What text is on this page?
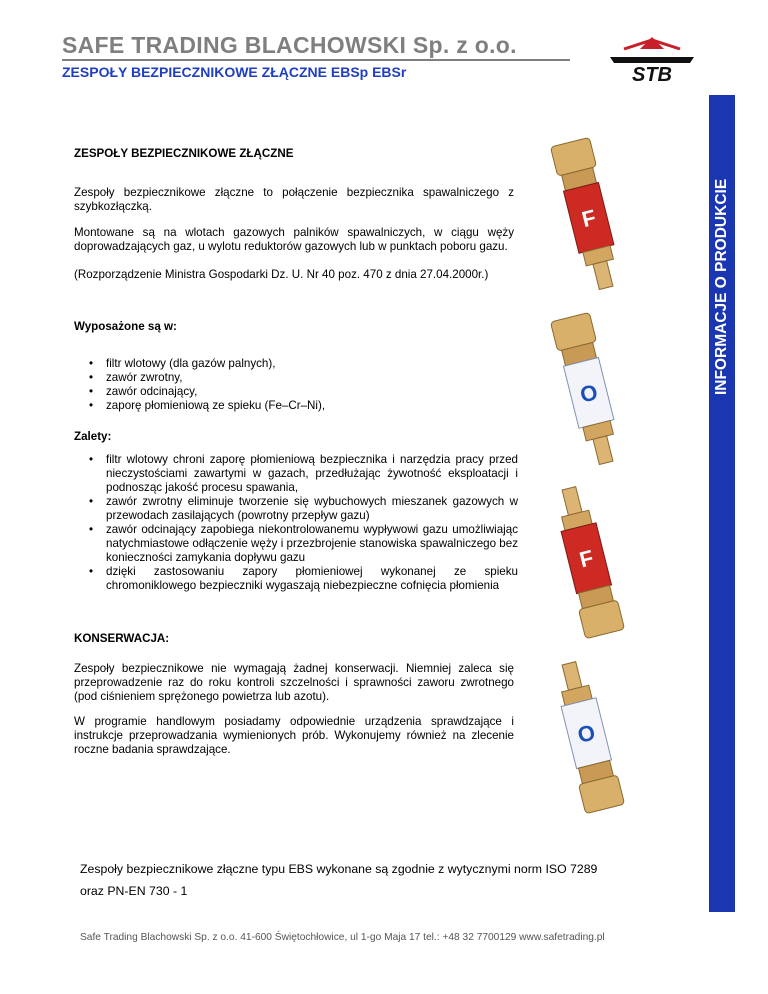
SAFE TRADING BLACHOWSKI Sp. z o.o.
ZESPOŁY BEZPIECZNIKOWE ZŁĄCZNE EBSp EBSr	STB
INFORMACJE O PRODUKCIE
ZESPOŁY BEZPIECZNIKOWE ZŁĄCZNE
Zespoły bezpiecznikowe złączne to połączenie bezpiecznika spawalniczego z szybkozłączką.
Montowane są na wlotach gazowych palników spawalniczych, w ciągu węży doprowadzających gaz, u wylotu reduktorów gazowych lub w punktach poboru gazu.
(Rozporządzenie Ministra Gospodarki Dz. U. Nr 40 poz. 470 z dnia 27.04.2000r.)
Wyposażone są w:
• filtr wlotowy (dla gazów palnych),
• zawór zwrotny,
• zawór odcinający,
• zaporę płomieniową ze spieku (Fe–Cr–Ni),
Zalety:
• filtr wlotowy chroni zaporę płomieniową bezpiecznika i narzędzia pracy przed nieczystościami zawartymi w gazach, przedłużając żywotność eksploatacji i podnosząc jakość procesu spawania,
• zawór zwrotny eliminuje tworzenie się wybuchowych mieszanek gazowych w przewodach zasilających (powrotny przepływ gazu)
• zawór odcinający zapobiega niekontrolowanemu wypływowi gazu umożliwiając natychmiastowe odłączenie węży i przezbrojenie stanowiska spawalniczego bez konieczności zamykania dopływu gazu
• dzięki zastosowaniu zapory płomieniowej wykonanej ze spieku chromoniklowego bezpieczniki wygaszają niebezpieczne cofnięcia płomienia
KONSERWACJA:
Zespoły bezpiecznikowe nie wymagają żadnej konserwacji. Niemniej zaleca się przeprowadzenie raz do roku kontroli szczelności i sprawności zaworu zwrotnego (pod ciśnieniem sprężonego powietrza lub azotu).
W programie handlowym posiadamy odpowiednie urządzenia sprawdzające i instrukcje przeprowadzania wymienionych prób. Wykonujemy również na zlecenie roczne badania sprawdzające.
F
O
F
O
Zespoły bezpiecznikowe złączne typu EBS wykonane są zgodnie z wytycznymi norm ISO 7289
oraz PN-EN 730 - 1
Safe Trading Blachowski Sp. z o.o. 41-600 Świętochłowice, ul 1-go Maja 17 tel.: +48 32 7700129 www.safetrading.pl
